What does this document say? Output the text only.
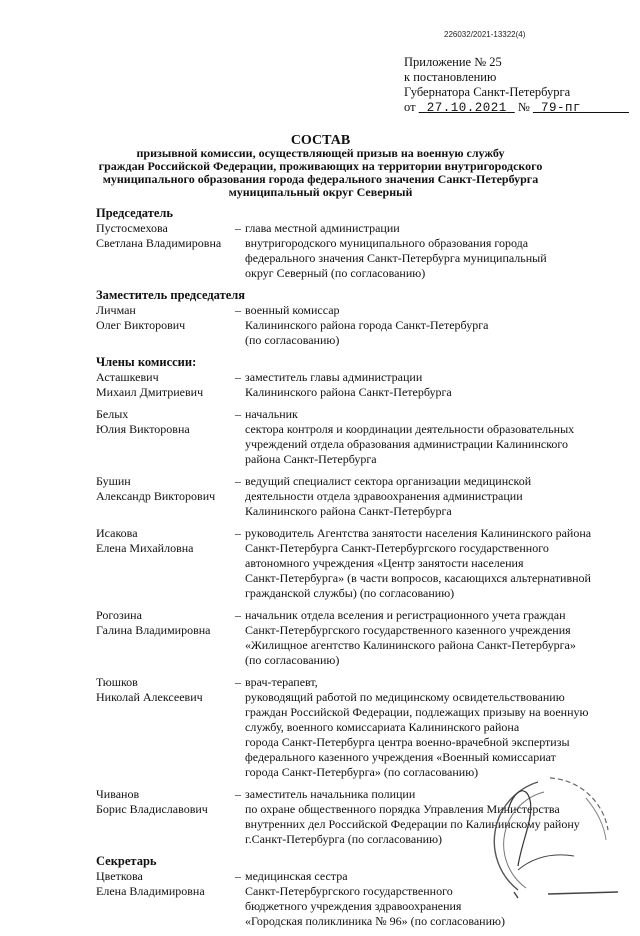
226032/2021-13322(4)
Приложение № 25
к постановлению
Губернатора Санкт-Петербурга
от 27.10.2021 № 79-пг
СОСТАВ
призывной комиссии, осуществляющей призыв на военную службу
граждан Российской Федерации, проживающих на территории внутригородского
муниципального образования города федерального значения Санкт-Петербурга
муниципальный округ Северный
Председатель
Пустосмехова
Светлана Владимировна
– глава местной администрации
внутригородского муниципального образования города
федерального значения Санкт-Петербурга муниципальный
округ Северный (по согласованию)
Заместитель председателя
Личман
Олег Викторович
– военный комиссар
Калининского района города Санкт-Петербурга
(по согласованию)
Члены комиссии:
Асташкевич
Михаил Дмитриевич
– заместитель главы администрации
Калининского района Санкт-Петербурга
Белых
Юлия Викторовна
– начальник
сектора контроля и координации деятельности образовательных
учреждений отдела образования администрации Калининского
района Санкт-Петербурга
Бушин
Александр Викторович
– ведущий специалист сектора организации медицинской
деятельности отдела здравоохранения администрации
Калининского района Санкт-Петербурга
Исакова
Елена Михайловна
– руководитель Агентства занятости населения Калининского района
Санкт-Петербурга Санкт-Петербургского государственного
автономного учреждения «Центр занятости населения
Санкт-Петербурга» (в части вопросов, касающихся альтернативной
гражданской службы) (по согласованию)
Рогозина
Галина Владимировна
– начальник отдела вселения и регистрационного учета граждан
Санкт-Петербургского государственного казенного учреждения
«Жилищное агентство Калининского района Санкт-Петербурга»
(по согласованию)
Тюшков
Николай Алексеевич
– врач-терапевт,
руководящий работой по медицинскому освидетельствованию
граждан Российской Федерации, подлежащих призыву на военную
службу, военного комиссариата Калининского района
города Санкт-Петербурга центра военно-врачебной экспертизы
федерального казенного учреждения «Военный комиссариат
города Санкт-Петербурга» (по согласованию)
Чиванов
Борис Владиславович
– заместитель начальника полиции
по охране общественного порядка Управления Министерства
внутренних дел Российской Федерации по Калининскому району
г.Санкт-Петербурга (по согласованию)
Секретарь
Цветкова
Елена Владимировна
– медицинская сестра
Санкт-Петербургского государственного
бюджетного учреждения здравоохранения
«Городская поликлиника № 96» (по согласованию)
